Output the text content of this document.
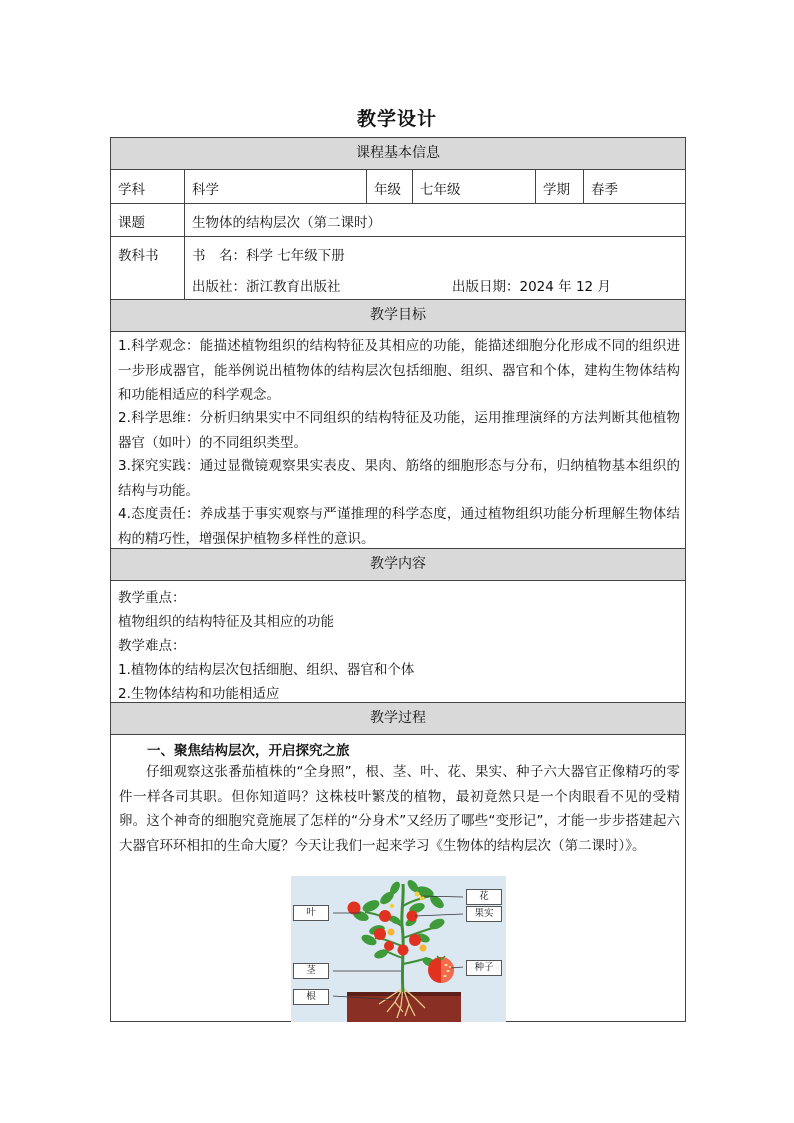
教学设计
课程基本信息
学科	科学	年级 七年级	学期 春季
课题	生物体的结构层次（第二课时）
教科书 书　名：科学 七年级下册
出版社：浙江教育出版社	出版日期：2024 年 12 月
教学目标

1.科学观念：能描述植物组织的结构特征及其相应的功能，能描述细胞分化形成不同的组织进一步形成器官，能举例说出植物体的结构层次包括细胞、组织、器官和个体，建构生物体结构和功能相适应的科学观念。

2.科学思维：分析归纳果实中不同组织的结构特征及功能，运用推理演绎的方法判断其他植物器官（如叶）的不同组织类型。

3.探究实践：通过显微镜观察果实表皮、果肉、筋络的细胞形态与分布，归纳植物基本组织的结构与功能。

4.态度责任：养成基于事实观察与严谨推理的科学态度，通过植物组织功能分析理解生物体结构的精巧性，增强保护植物多样性的意识。

教学内容
教学重点：
植物组织的结构特征及其相应的功能
教学难点：
1.植物体的结构层次包括细胞、组织、器官和个体
2.生物体结构和功能相适应
教学过程
一、聚焦结构层次，开启探究之旅

仔细观察这张番茄植株的“全身照”，根、茎、叶、花、果实、种子六大器官正像精巧的零件一样各司其职。但你知道吗？这株枝叶繁茂的植物，最初竟然只是一个肉眼看不见的受精卵。这个神奇的细胞究竟施展了怎样的“分身术”又经历了哪些“变形记”，才能一步步搭建起六大器官环环相扣的生命大厦？今天让我们一起来学习《生物体的结构层次（第二课时）》。

花
叶	果实
茎	种子
根
